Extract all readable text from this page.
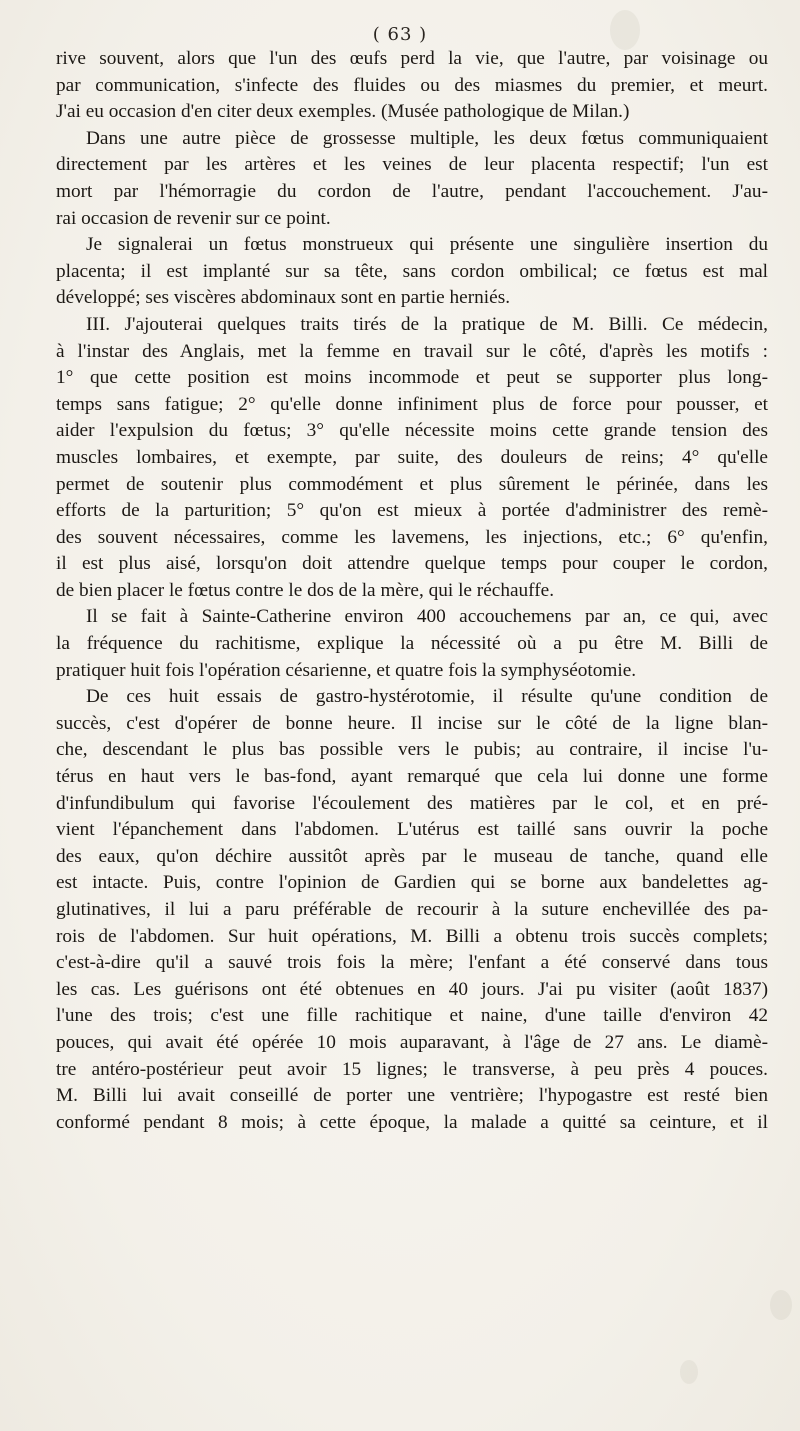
( 63 )
rive souvent, alors que l'un des œufs perd la vie, que l'autre, par voisinage ou
par communication, s'infecte des fluides ou des miasmes du premier, et meurt.
J'ai eu occasion d'en citer deux exemples. (Musée pathologique de Milan.)
Dans une autre pièce de grossesse multiple, les deux fœtus communiquaient
directement par les artères et les veines de leur placenta respectif; l'un est
mort par l'hémorragie du cordon de l'autre, pendant l'accouchement. J'au-
rai occasion de revenir sur ce point.
Je signalerai un fœtus monstrueux qui présente une singulière insertion du
placenta; il est implanté sur sa tête, sans cordon ombilical; ce fœtus est mal
développé; ses viscères abdominaux sont en partie herniés.
III. J'ajouterai quelques traits tirés de la pratique de M. Billi. Ce médecin,
à l'instar des Anglais, met la femme en travail sur le côté, d'après les motifs :
1° que cette position est moins incommode et peut se supporter plus long-
temps sans fatigue; 2° qu'elle donne infiniment plus de force pour pousser, et
aider l'expulsion du fœtus; 3° qu'elle nécessite moins cette grande tension des
muscles lombaires, et exempte, par suite, des douleurs de reins; 4° qu'elle
permet de soutenir plus commodément et plus sûrement le périnée, dans les
efforts de la parturition; 5° qu'on est mieux à portée d'administrer des remè-
des souvent nécessaires, comme les lavemens, les injections, etc.; 6° qu'enfin,
il est plus aisé, lorsqu'on doit attendre quelque temps pour couper le cordon,
de bien placer le fœtus contre le dos de la mère, qui le réchauffe.
Il se fait à Sainte-Catherine environ 400 accouchemens par an, ce qui, avec
la fréquence du rachitisme, explique la nécessité où a pu être M. Billi de
pratiquer huit fois l'opération césarienne, et quatre fois la symphyséotomie.
De ces huit essais de gastro-hystérotomie, il résulte qu'une condition de
succès, c'est d'opérer de bonne heure. Il incise sur le côté de la ligne blan-
che, descendant le plus bas possible vers le pubis; au contraire, il incise l'u-
térus en haut vers le bas-fond, ayant remarqué que cela lui donne une forme
d'infundibulum qui favorise l'écoulement des matières par le col, et en pré-
vient l'épanchement dans l'abdomen. L'utérus est taillé sans ouvrir la poche
des eaux, qu'on déchire aussitôt après par le museau de tanche, quand elle
est intacte. Puis, contre l'opinion de Gardien qui se borne aux bandelettes ag-
glutinatives, il lui a paru préférable de recourir à la suture enchevillée des pa-
rois de l'abdomen. Sur huit opérations, M. Billi a obtenu trois succès complets;
c'est-à-dire qu'il a sauvé trois fois la mère; l'enfant a été conservé dans tous
les cas. Les guérisons ont été obtenues en 40 jours. J'ai pu visiter (août 1837)
l'une des trois; c'est une fille rachitique et naine, d'une taille d'environ 42
pouces, qui avait été opérée 10 mois auparavant, à l'âge de 27 ans. Le diamè-
tre antéro-postérieur peut avoir 15 lignes; le transverse, à peu près 4 pouces.
M. Billi lui avait conseillé de porter une ventrière; l'hypogastre est resté bien
conformé pendant 8 mois; à cette époque, la malade a quitté sa ceinture, et il
